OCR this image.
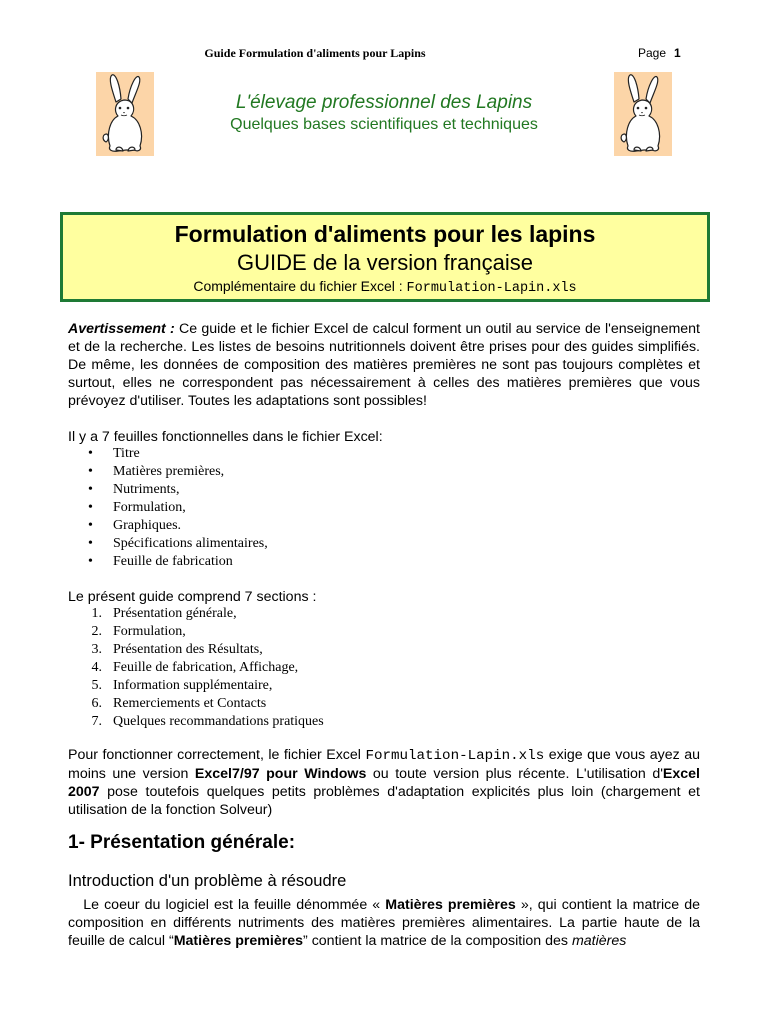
Guide Formulation d'aliments pour Lapins	Page 1
L'élevage professionnel des Lapins
Quelques bases scientifiques et techniques
Formulation d'aliments pour les lapins
GUIDE de la version française
Complémentaire du fichier Excel : Formulation-Lapin.xls
Avertissement : Ce guide et le fichier Excel de calcul forment un outil au service de l'enseignement et de la recherche. Les listes de besoins nutritionnels doivent être prises pour des guides simplifiés. De même, les données de composition des matières premières ne sont pas toujours complètes et surtout, elles ne correspondent pas nécessairement à celles des matières premières que vous prévoyez d'utiliser. Toutes les adaptations sont possibles!
Il y a 7 feuilles fonctionnelles dans le fichier Excel:
• Titre
• Matières premières,
• Nutriments,
• Formulation,
• Graphiques.
• Spécifications alimentaires,
• Feuille de fabrication
Le présent guide comprend 7 sections :
1. Présentation générale,
2. Formulation,
3. Présentation des Résultats,
4. Feuille de fabrication, Affichage,
5. Information supplémentaire,
6. Remerciements et Contacts
7. Quelques recommandations pratiques
Pour fonctionner correctement, le fichier Excel Formulation-Lapin.xls exige que vous ayez au moins une version Excel7/97 pour Windows ou toute version plus récente. L'utilisation d'Excel 2007 pose toutefois quelques petits problèmes d'adaptation explicités plus loin (chargement et utilisation de la fonction Solveur)
1- Présentation générale:
Introduction d'un problème à résoudre
Le coeur du logiciel est la feuille dénommée « Matières premières », qui contient la matrice de composition en différents nutriments des matières premières alimentaires. La partie haute de la feuille de calcul “Matières premières” contient la matrice de la composition des matières
